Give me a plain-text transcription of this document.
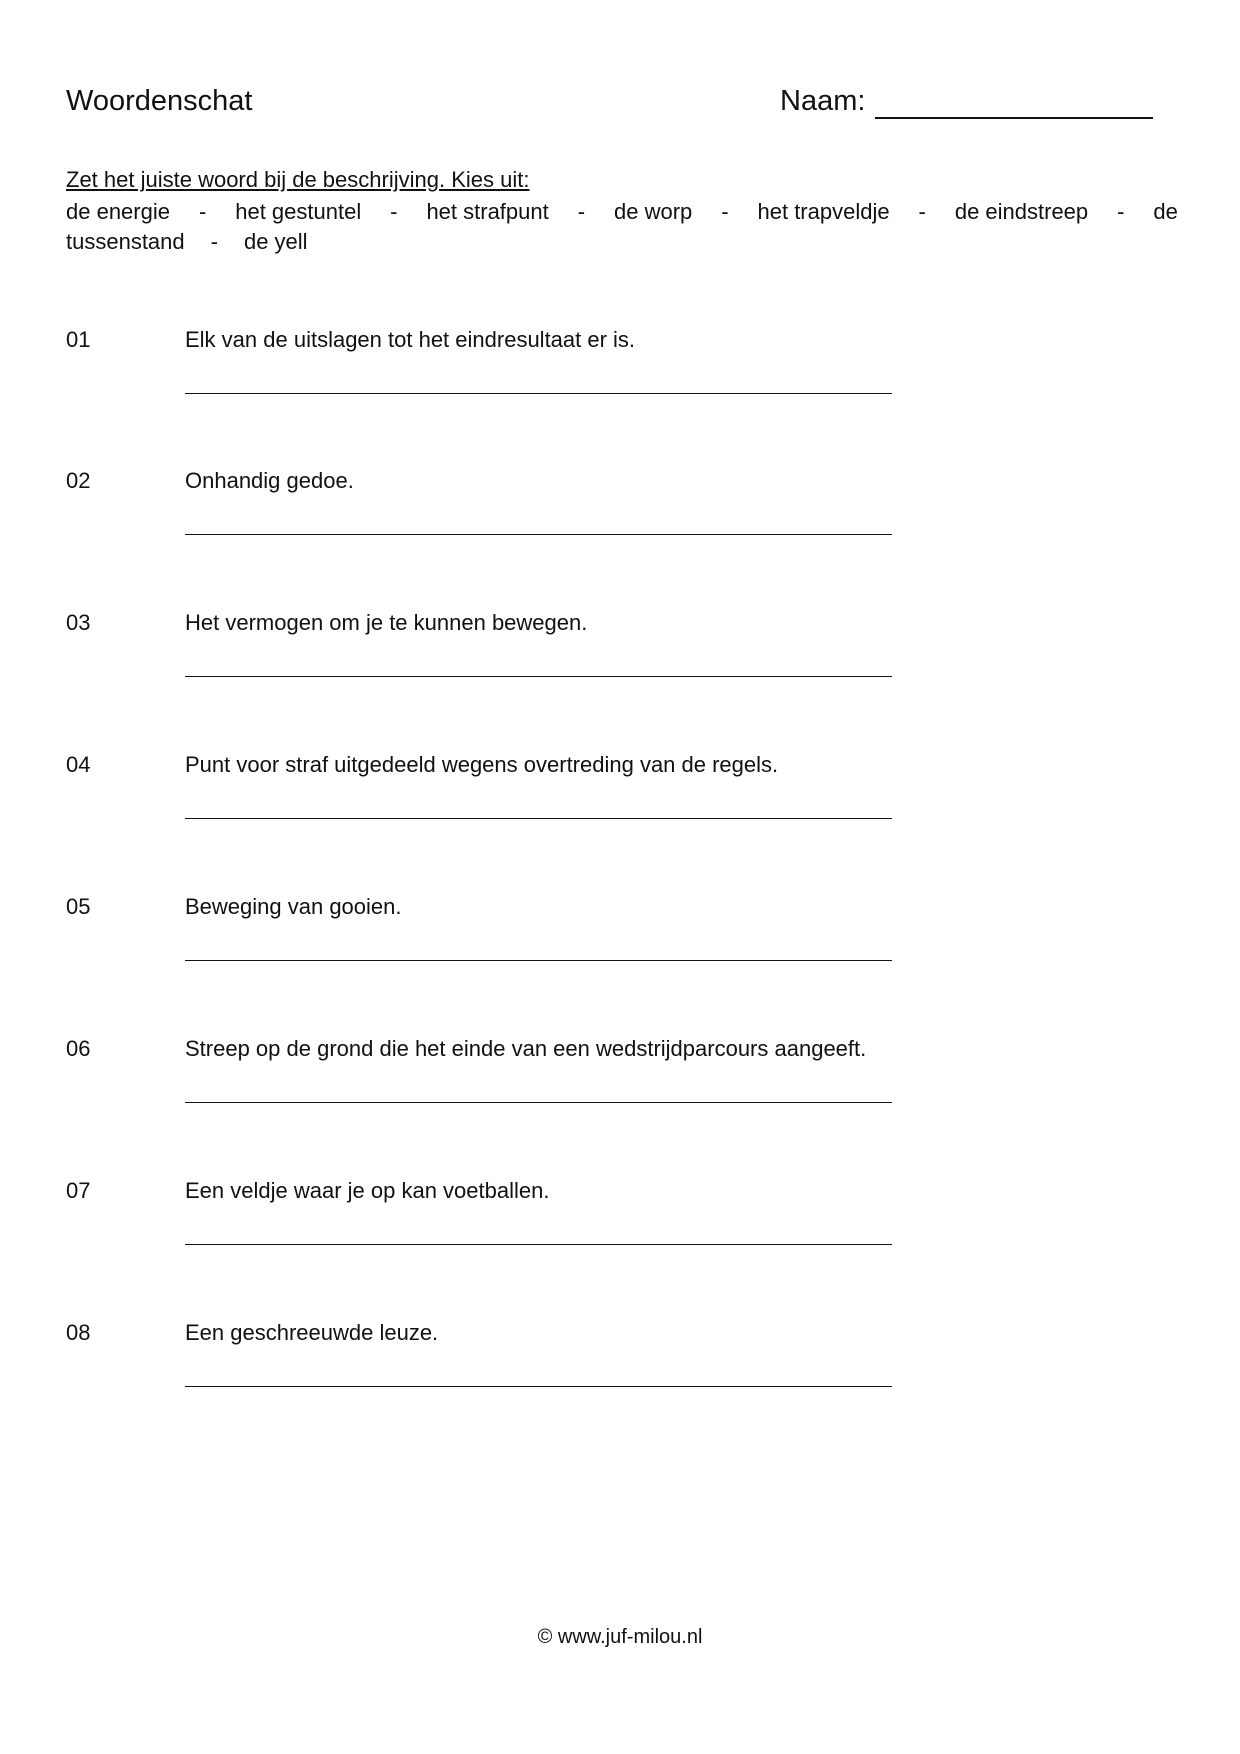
Woordenschat	Naam:
Zet het juiste woord bij de beschrijving. Kies uit:
de energie - het gestuntel - het strafpunt - de worp - het trapveldje - de eindstreep - de
tussenstand - de yell
01	Elk van de uitslagen tot het eindresultaat er is.
02	Onhandig gedoe.
03	Het vermogen om je te kunnen bewegen.
04	Punt voor straf uitgedeeld wegens overtreding van de regels.
05	Beweging van gooien.
06	Streep op de grond die het einde van een wedstrijdparcours aangeeft.
07	Een veldje waar je op kan voetballen.
08	Een geschreeuwde leuze.
© www.juf-milou.nl
